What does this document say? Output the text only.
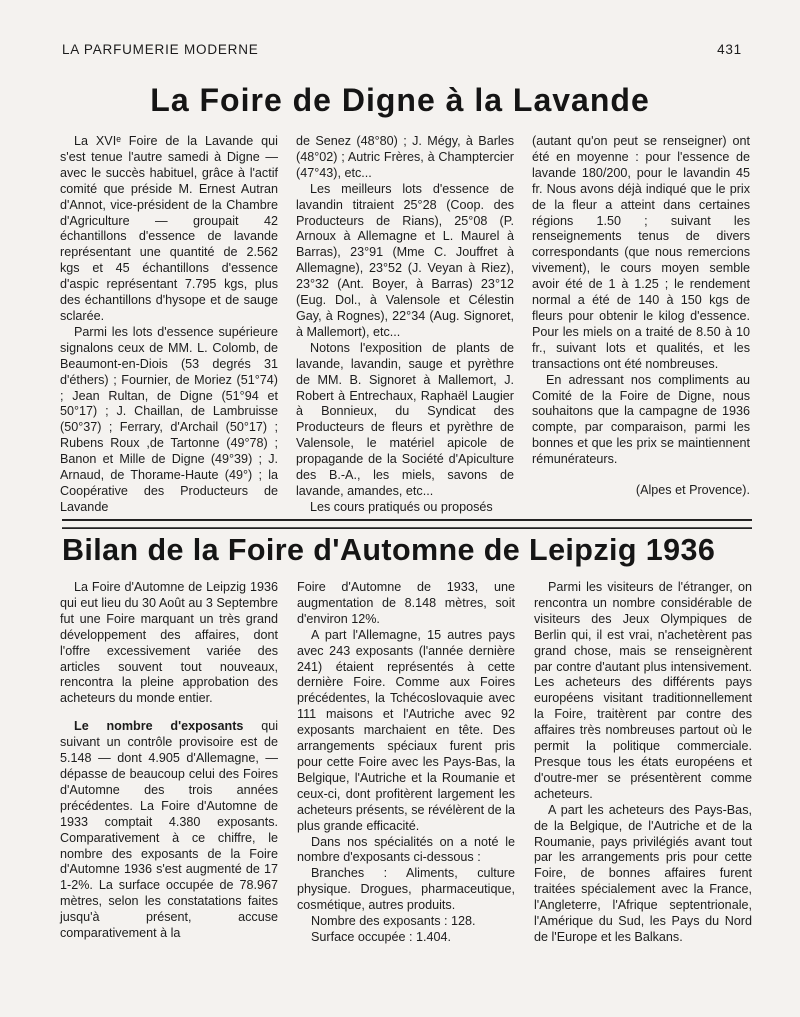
LA PARFUMERIE MODERNE	431
La Foire de Digne à la Lavande

La XVIᵉ Foire de la Lavande qui s'est tenue l'autre samedi à Digne — avec le succès habituel, grâce à l'actif comité que préside M. Ernest Autran d'Annot, vice-président de la Chambre d'Agriculture — groupait 42 échantillons d'essence de lavande représentant une quantité de 2.562 kgs et 45 échantillons d'essence d'aspic représentant 7.795 kgs, plus des échantillons d'hysope et de sauge sclarée.

Parmi les lots d'essence supérieure signalons ceux de MM. L. Colomb, de Beaumont-en-Diois (53 degrés 31 d'éthers) ; Fournier, de Moriez (51°74) ; Jean Rultan, de Digne (51°94 et 50°17) ; J. Chaillan, de Lambruisse (50°37) ; Ferrary, d'Archail (50°17) ; Rubens Roux ,de Tartonne (49°78) ; Banon et Mille de Digne (49°39) ; J. Arnaud, de Thorame-Haute (49°) ; la Coopérative des Producteurs de Lavande

de Senez (48°80) ; J. Mégy, à Barles (48°02) ; Autric Frères, à Champtercier (47°43), etc...

Les meilleurs lots d'essence de lavandin titraient 25°28 (Coop. des Producteurs de Rians), 25°08 (P. Arnoux à Allemagne et L. Maurel à Barras), 23°91 (Mme C. Jouffret à Allemagne), 23°52 (J. Veyan à Riez), 23°32 (Ant. Boyer, à Barras) 23°12 (Eug. Dol., à Valensole et Célestin Gay, à Rognes), 22°34 (Aug. Signoret, à Mallemort), etc...

Notons l'exposition de plants de lavande, lavandin, sauge et pyrèthre de MM. B. Signoret à Mallemort, J. Robert à Entrechaux, Raphaël Laugier à Bonnieux, du Syndicat des Producteurs de fleurs et pyrèthre de Valensole, le matériel apicole de propagande de la Société d'Apiculture des B.-A., les miels, savons de lavande, amandes, etc...

Les cours pratiqués ou proposés

(autant qu'on peut se renseigner) ont été en moyenne : pour l'essence de lavande 180/200, pour le lavandin 45 fr. Nous avons déjà indiqué que le prix de la fleur a atteint dans certaines régions 1.50 ; suivant les renseignements tenus de divers correspondants (que nous remercions vivement), le cours moyen semble avoir été de 1 à 1.25 ; le rendement normal a été de 140 à 150 kgs de fleurs pour obtenir le kilog d'essence. Pour les miels on a traité de 8.50 à 10 fr., suivant lots et qualités, et les transactions ont été nombreuses.

En adressant nos compliments au Comité de la Foire de Digne, nous souhaitons que la campagne de 1936 compte, par comparaison, parmi les bonnes et que les prix se maintiennent rémunérateurs.

(Alpes et Provence).

Bilan de la Foire d'Automne de Leipzig 1936

La Foire d'Automne de Leipzig 1936 qui eut lieu du 30 Août au 3 Septembre fut une Foire marquant un très grand développement des affaires, dont l'offre excessivement variée des articles souvent tout nouveaux, rencontra la pleine approbation des acheteurs du monde entier.

Le nombre d'exposants qui suivant un contrôle provisoire est de 5.148 — dont 4.905 d'Allemagne, — dépasse de beaucoup celui des Foires d'Automne des trois années précédentes. La Foire d'Automne de 1933 comptait 4.380 exposants. Comparativement à ce chiffre, le nombre des exposants de la Foire d'Automne 1936 s'est augmenté de 17 1-2%. La surface occupée de 78.967 mètres, selon les constatations faites jusqu'à présent, accuse comparativement à la

Foire d'Automne de 1933, une augmentation de 8.148 mètres, soit d'environ 12%.

A part l'Allemagne, 15 autres pays avec 243 exposants (l'année dernière 241) étaient représentés à cette dernière Foire. Comme aux Foires précédentes, la Tchécoslovaquie avec 111 maisons et l'Autriche avec 92 exposants marchaient en tête. Des arrangements spéciaux furent pris pour cette Foire avec les Pays-Bas, la Belgique, l'Autriche et la Roumanie et ceux-ci, dont profitèrent largement les acheteurs présents, se révélèrent de la plus grande efficacité.

Dans nos spécialités on a noté le nombre d'exposants ci-dessous :

Branches : Aliments, culture physique. Drogues, pharmaceutique, cosmétique, autres produits.

Nombre des exposants : 128.

Surface occupée : 1.404.

Parmi les visiteurs de l'étranger, on rencontra un nombre considérable de visiteurs des Jeux Olympiques de Berlin qui, il est vrai, n'achetèrent pas grand chose, mais se renseignèrent par contre d'autant plus intensivement. Les acheteurs des différents pays européens visitant traditionnellement la Foire, traitèrent par contre des affaires très nombreuses partout où le permit la politique commerciale. Presque tous les états européens et d'outre-mer se présentèrent comme acheteurs.

A part les acheteurs des Pays-Bas, de la Belgique, de l'Autriche et de la Roumanie, pays privilégiés avant tout par les arrangements pris pour cette Foire, de bonnes affaires furent traitées spécialement avec la France, l'Angleterre, l'Afrique septentrionale, l'Amérique du Sud, les Pays du Nord de l'Europe et les Balkans.
